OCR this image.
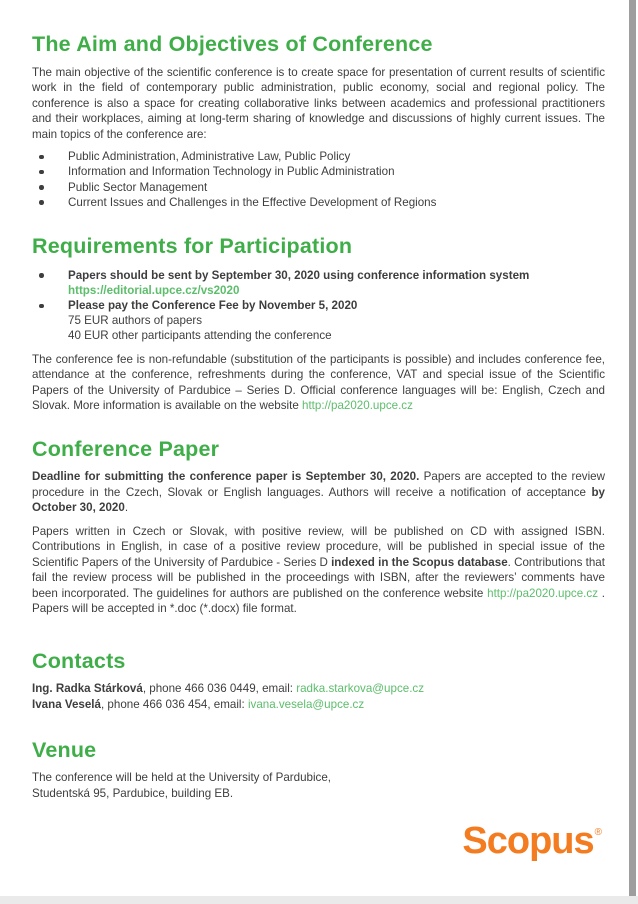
The Aim and Objectives of Conference

The main objective of the scientific conference is to create space for presentation of current results of scientific work in the field of contemporary public administration, public economy, social and regional policy. The conference is also a space for creating collaborative links between academics and professional practitioners and their workplaces, aiming at long-term sharing of knowledge and discussions of highly current issues. The main topics of the conference are:

Public Administration, Administrative Law, Public Policy
Information and Information Technology in Public Administration
Public Sector Management
Current Issues and Challenges in the Effective Development of Regions
Requirements for Participation
Papers should be sent by September 30, 2020 using conference information system
https://editorial.upce.cz/vs2020
Please pay the Conference Fee by November 5, 2020
75 EUR authors of papers
40 EUR other participants attending the conference

The conference fee is non-refundable (substitution of the participants is possible) and includes conference fee, attendance at the conference, refreshments during the conference, VAT and special issue of the Scientific Papers of the University of Pardubice – Series D. Official conference languages will be: English, Czech and Slovak. More information is available on the website http://pa2020.upce.cz

Conference Paper

Deadline for submitting the conference paper is September 30, 2020. Papers are accepted to the review procedure in the Czech, Slovak or English languages. Authors will receive a notification of acceptance by October 30, 2020.

Papers written in Czech or Slovak, with positive review, will be published on CD with assigned ISBN. Contributions in English, in case of a positive review procedure, will be published in special issue of the Scientific Papers of the University of Pardubice - Series D indexed in the Scopus database. Contributions that fail the review process will be published in the proceedings with ISBN, after the reviewers’ comments have been incorporated. The guidelines for authors are published on the conference website http://pa2020.upce.cz . Papers will be accepted in *.doc (*.docx) file format.

Contacts
Ing. Radka Stárková, phone 466 036 0449, email: radka.starkova@upce.cz
Ivana Veselá, phone 466 036 454, email: ivana.vesela@upce.cz
Venue
The conference will be held at the University of Pardubice,
Studentská 95, Pardubice, building EB.
Scopus®
